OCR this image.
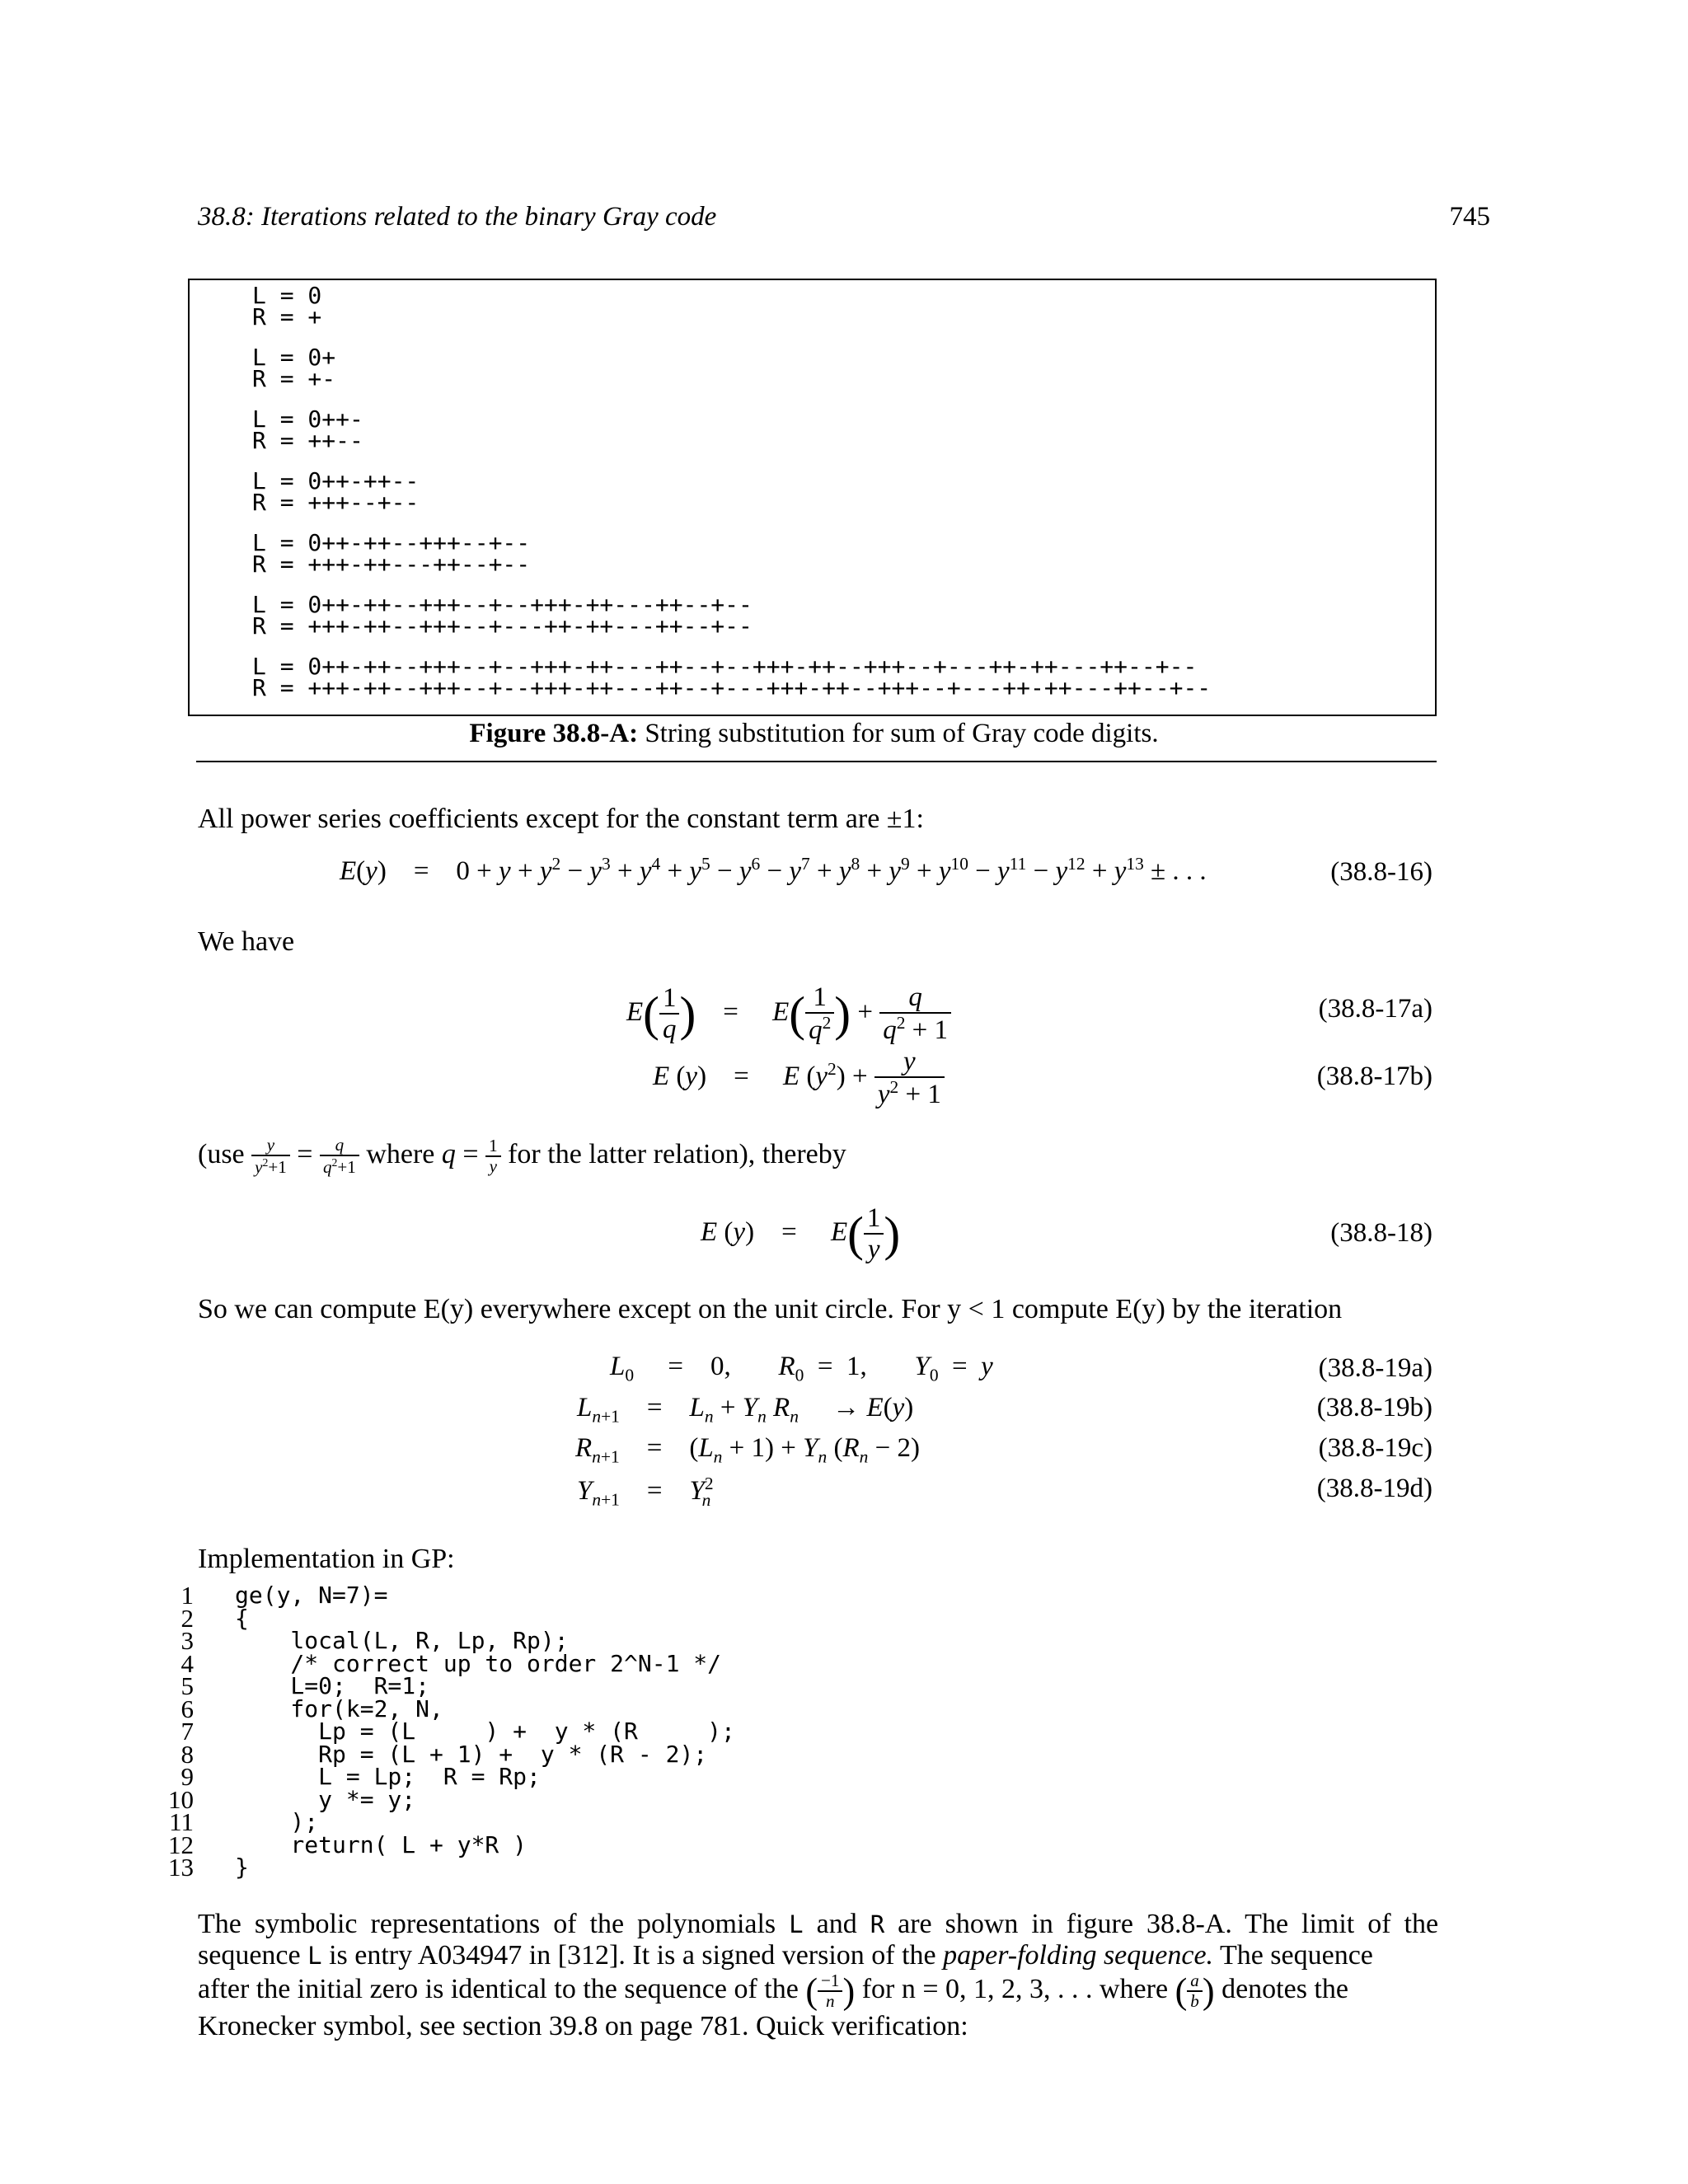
38.8: Iterations related to the binary Gray code	745
L = 0
R = +
L = 0+
R = +-
L = 0++-
R = ++--
L = 0++-++--
R = +++--+--
L = 0++-++--+++--+--
R = +++-++---++--+--
L = 0++-++--+++--+--+++-++---++--+--
R = +++-++--+++--+---++-++---++--+--
L = 0++-++--+++--+--+++-++---++--+--+++-++--+++--+---++-++---++--+--
R = +++-++--+++--+--+++-++---++--+---+++-++--+++--+---++-++---++--+--
Figure 38.8-A: String substitution for sum of Gray code digits.
All power series coefficients except for the constant term are ±1:
E(y)    =    $0 + y + y^2 - y^3 + y^4 + y^5 - y^6 - y^7 + y^8 + y^9 + y^{10} - y^{11} - y^{12} + y^{13}$ ± . . .	(38.8-16)
We have
$E( \frac{1}{q}$ )    =     $E( \frac{1}{q^2}$ ) + $\frac{q}{q^2 + 1}$	(38.8-17a)
E (y)    =     E $(y^2) + \frac{y}{y^2 + 1}$	(38.8-17b)
($use \frac{y}{y^2+1} = \frac{q}{q^2+1}$ where $q = \frac{1}{y}$ for the latter relation), thereby
E (y)    =     $E( \frac{1}{y}$ )	(38.8-18)
So we can compute E(y) everywhere except on the unit circle. For y < 1 compute E(y) by the iteration
$L_0$     =    0,       $R_0 = 1$,       $Y_0 = y$	(38.8-19a)
$L_{n+1}$    =    $L_n + Y_n$ $R_n$     → E(y)	(38.8-19b)
$R_{n+1}$    =    $(L_n + 1) + Y_n$ $(R_n - 2)$	(38.8-19c)
$Y_{n+1}$    =    $Y^2_n$	(38.8-19d)
Implementation in GP:
1
2
3
4
5
6
7
8
9
10
11
12
13
ge(y, N=7)=
{
local(L, R, Lp, Rp);
/* correct up to order 2^N-1 */
L=0;  R=1;
for(k=2, N,
Lp = (L     ) +  y * (R     );
Rp = (L + 1) +  y * (R - 2);
L = Lp;  R = Rp;
y *= y;
);
return( L + y*R )
}
The symbolic representations of the polynomials L and R are shown in figure 38.8-A. The limit of the
sequence L is entry A034947 in [312]. It is a signed version of the paper-folding sequence. The sequence
after the initial zero is identical to the sequence of the ( $\frac{-1}{n}$ ) for n = 0, 1, 2, 3, . . . where ( $\frac{a}{b}$ ) denotes the
Kronecker symbol, see section 39.8 on page 781. Quick verification:
